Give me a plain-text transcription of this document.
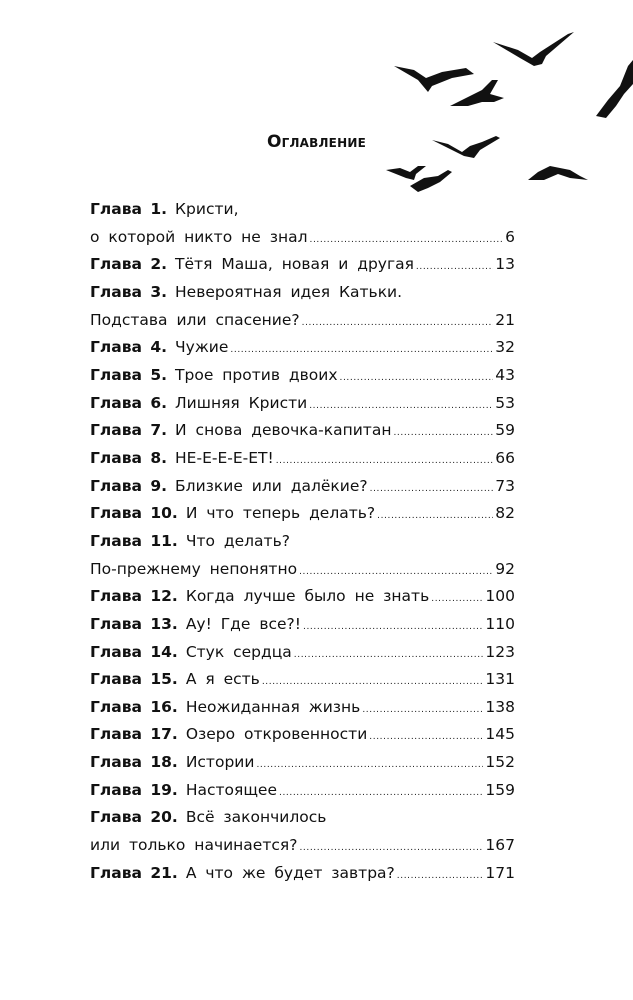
Оглавление
Глава 1. Кристи,
о которой никто не знал .....	6
Глава 2. Тётя Маша, новая и другая .....	13
Глава 3. Невероятная идея Катьки.
Подстава или спасение? .....	21
Глава 4. Чужие .....	32
Глава 5. Трое против двоих .....	43
Глава 6. Лишняя Кристи .....	53
Глава 7. И снова девочка-капитан .....	59
Глава 8. НЕ-Е-Е-Е-ЕТ! .....	66
Глава 9. Близкие или далёкие? .....	73
Глава 10. И что теперь делать? .....	82
Глава 11. Что делать?
По-прежнему непонятно .....	92
Глава 12. Когда лучше было не знать .....	100
Глава 13. Ау! Где все?! .....	110
Глава 14. Стук сердца .....	123
Глава 15. А я есть .....	131
Глава 16. Неожиданная жизнь .....	138
Глава 17. Озеро откровенности .....	145
Глава 18. Истории .....	152
Глава 19. Настоящее .....	159
Глава 20. Всё закончилось
или только начинается? .....	167
Глава 21. А что же будет завтра? .....	171
